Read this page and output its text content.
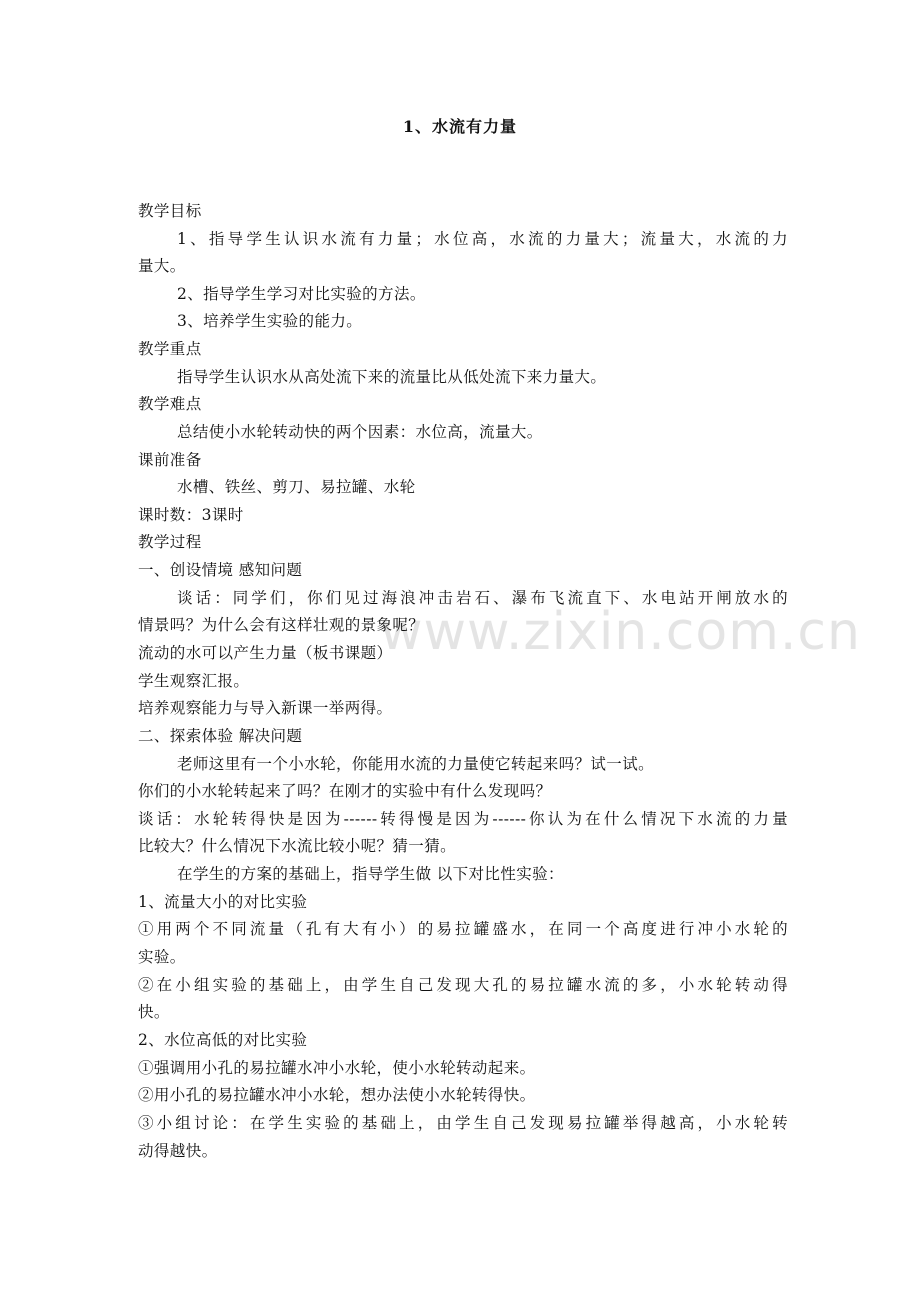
www.zixin.com.cn
1、水流有力量
教学目标
1、指导学生认识水流有力量；水位高，水流的力量大；流量大，水流的力
量大。
2、指导学生学习对比实验的方法。
3、培养学生实验的能力。
教学重点
指导学生认识水从高处流下来的流量比从低处流下来力量大。
教学难点
总结使小水轮转动快的两个因素：水位高，流量大。
课前准备
水槽、铁丝、剪刀、易拉罐、水轮
课时数：3课时
教学过程
一、创设情境 感知问题
谈话：同学们，你们见过海浪冲击岩石、瀑布飞流直下、水电站开闸放水的
情景吗？为什么会有这样壮观的景象呢？
流动的水可以产生力量（板书课题）
学生观察汇报。
培养观察能力与导入新课一举两得。
二、探索体验 解决问题
老师这里有一个小水轮，你能用水流的力量使它转起来吗？试一试。
你们的小水轮转起来了吗？在刚才的实验中有什么发现吗？
谈话：水轮转得快是因为------转得慢是因为------你认为在什么情况下水流的力量
比较大？什么情况下水流比较小呢？猜一猜。
在学生的方案的基础上，指导学生做 以下对比性实验：
1、流量大小的对比实验
①用两个不同流量（孔有大有小）的易拉罐盛水，在同一个高度进行冲小水轮的
实验。
②在小组实验的基础上，由学生自己发现大孔的易拉罐水流的多，小水轮转动得
快。
2、水位高低的对比实验
①强调用小孔的易拉罐水冲小水轮，使小水轮转动起来。
②用小孔的易拉罐水冲小水轮，想办法使小水轮转得快。
③小组讨论：在学生实验的基础上，由学生自己发现易拉罐举得越高，小水轮转
动得越快。
